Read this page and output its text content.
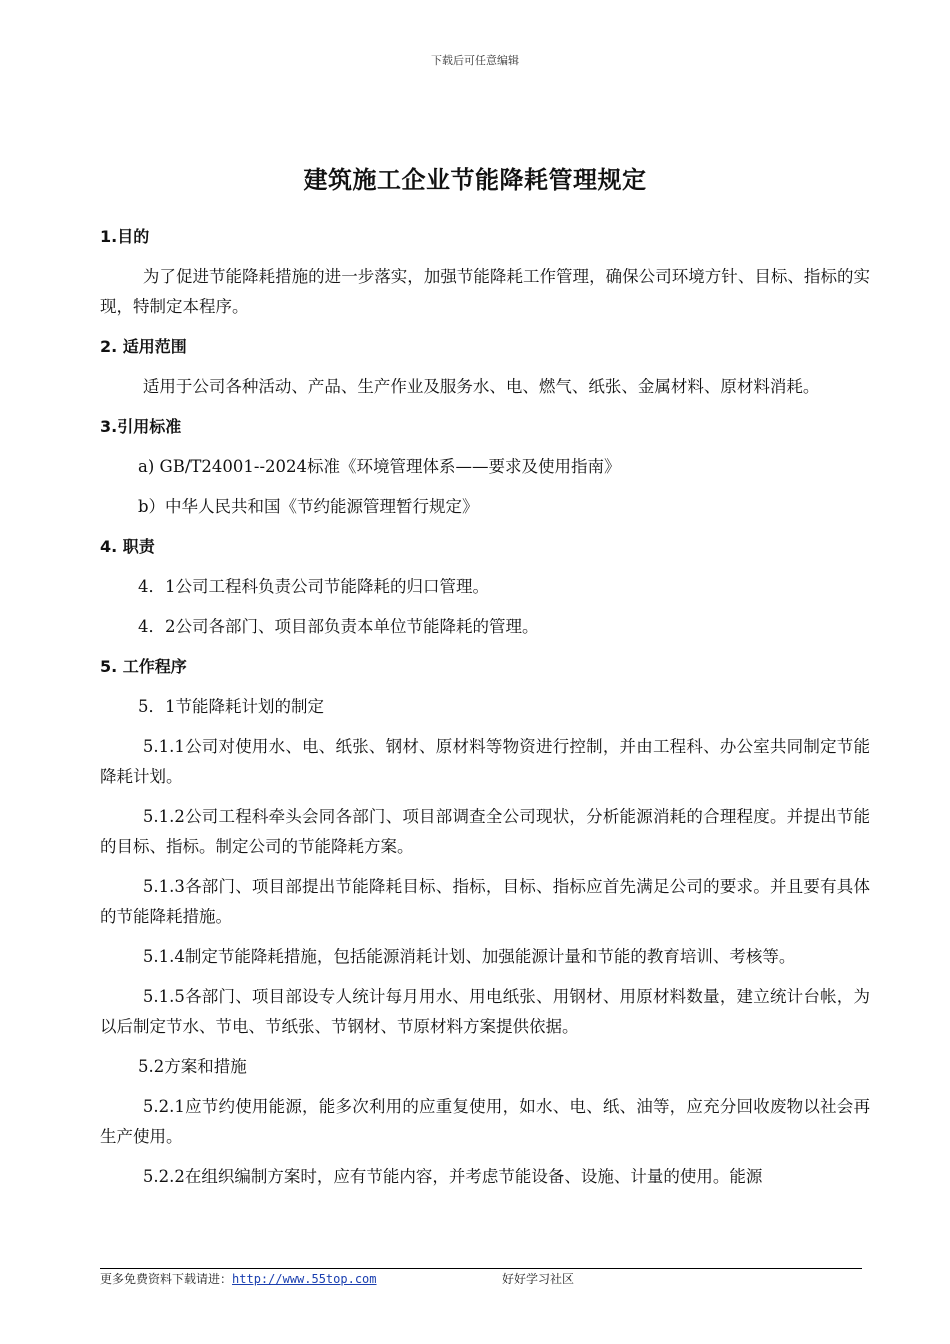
下载后可任意编辑
建筑施工企业节能降耗管理规定
1.目的
为了促进节能降耗措施的进一步落实，加强节能降耗工作管理，确保公司环境方针、目标、指标的实现，特制定本程序。
2. 适用范围
适用于公司各种活动、产品、生产作业及服务水、电、燃气、纸张、金属材料、原材料消耗。
3.引用标准
a) GB/T24001--2024标准《环境管理体系——要求及使用指南》
b）中华人民共和国《节约能源管理暂行规定》
4. 职责
4．1公司工程科负责公司节能降耗的归口管理。
4．2公司各部门、项目部负责本单位节能降耗的管理。
5. 工作程序
5．1节能降耗计划的制定
5.1.1公司对使用水、电、纸张、钢材、原材料等物资进行控制，并由工程科、办公室共同制定节能降耗计划。
5.1.2公司工程科牵头会同各部门、项目部调查全公司现状，分析能源消耗的合理程度。并提出节能的目标、指标。制定公司的节能降耗方案。
5.1.3各部门、项目部提出节能降耗目标、指标，目标、指标应首先满足公司的要求。并且要有具体的节能降耗措施。
5.1.4制定节能降耗措施，包括能源消耗计划、加强能源计量和节能的教育培训、考核等。
5.1.5各部门、项目部设专人统计每月用水、用电纸张、用钢材、用原材料数量，建立统计台帐，为以后制定节水、节电、节纸张、节钢材、节原材料方案提供依据。
5.2方案和措施
5.2.1应节约使用能源，能多次利用的应重复使用，如水、电、纸、油等，应充分回收废物以社会再生产使用。
5.2.2在组织编制方案时，应有节能内容，并考虑节能设备、设施、计量的使用。能源
更多免费资料下载请进：http://www.55top.com	好好学习社区
